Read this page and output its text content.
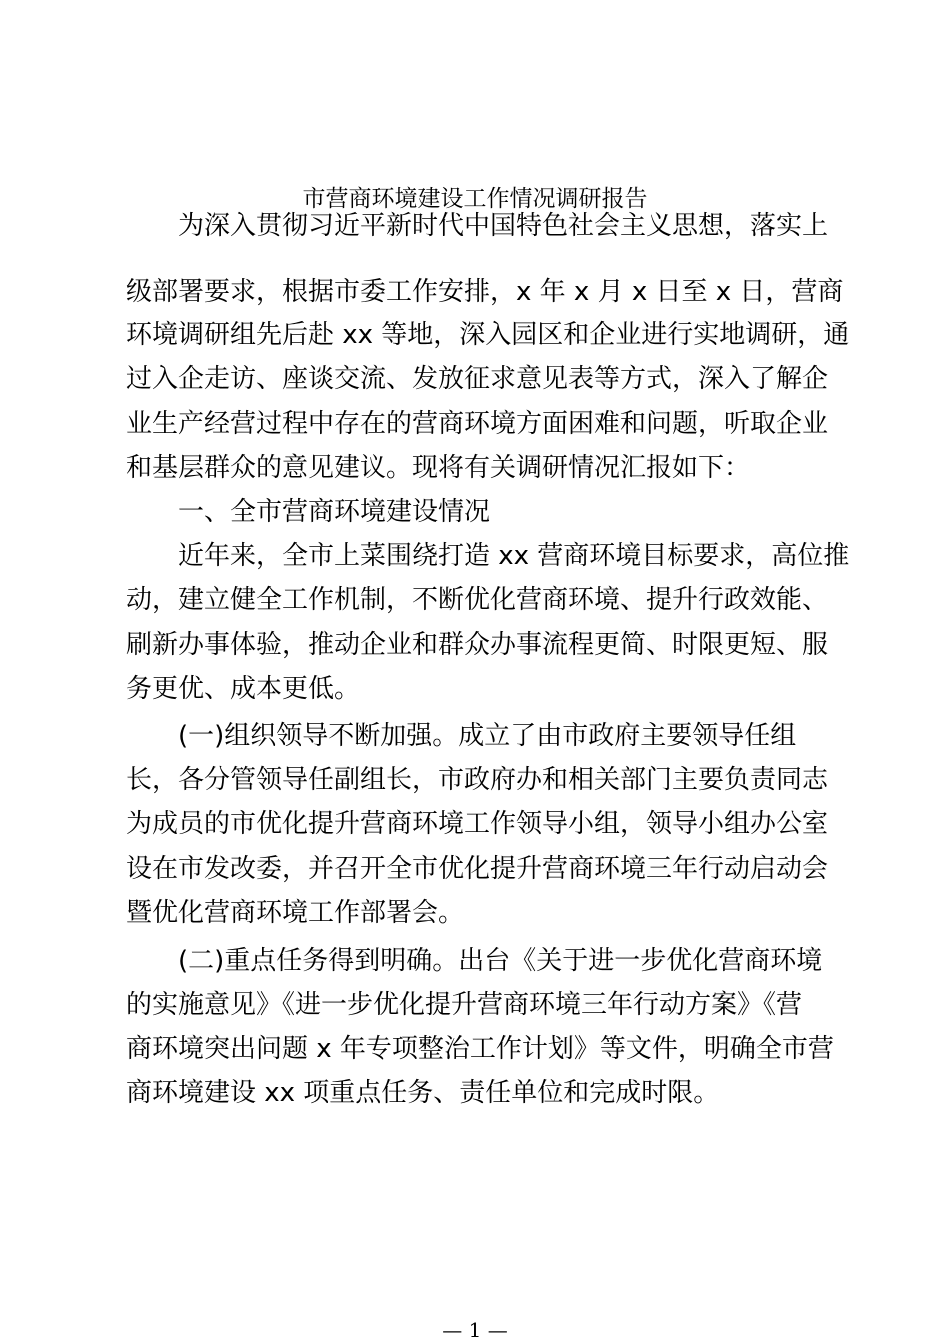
市营商环境建设工作情况调研报告
为深入贯彻习近平新时代中国特色社会主义思想，落实上
级部署要求，根据市委工作安排，x 年 x 月 x 日至 x 日，营商
环境调研组先后赴 xx 等地，深入园区和企业进行实地调研，通
过入企走访、座谈交流、发放征求意见表等方式，深入了解企
业生产经营过程中存在的营商环境方面困难和问题，听取企业
和基层群众的意见建议。现将有关调研情况汇报如下：
一、全市营商环境建设情况
近年来，全市上菜围绕打造 xx 营商环境目标要求，高位推
动，建立健全工作机制，不断优化营商环境、提升行政效能、
刷新办事体验，推动企业和群众办事流程更简、时限更短、服
务更优、成本更低。
(一)组织领导不断加强。成立了由市政府主要领导任组
长，各分管领导任副组长，市政府办和相关部门主要负责同志
为成员的市优化提升营商环境工作领导小组，领导小组办公室
设在市发改委，并召开全市优化提升营商环境三年行动启动会
暨优化营商环境工作部署会。
(二)重点任务得到明确。出台《关于进一步优化营商环境
的实施意见》《进一步优化提升营商环境三年行动方案》《营
商环境突出问题 x 年专项整治工作计划》等文件，明确全市营
商环境建设 xx 项重点任务、责任单位和完成时限。
— 1 —
